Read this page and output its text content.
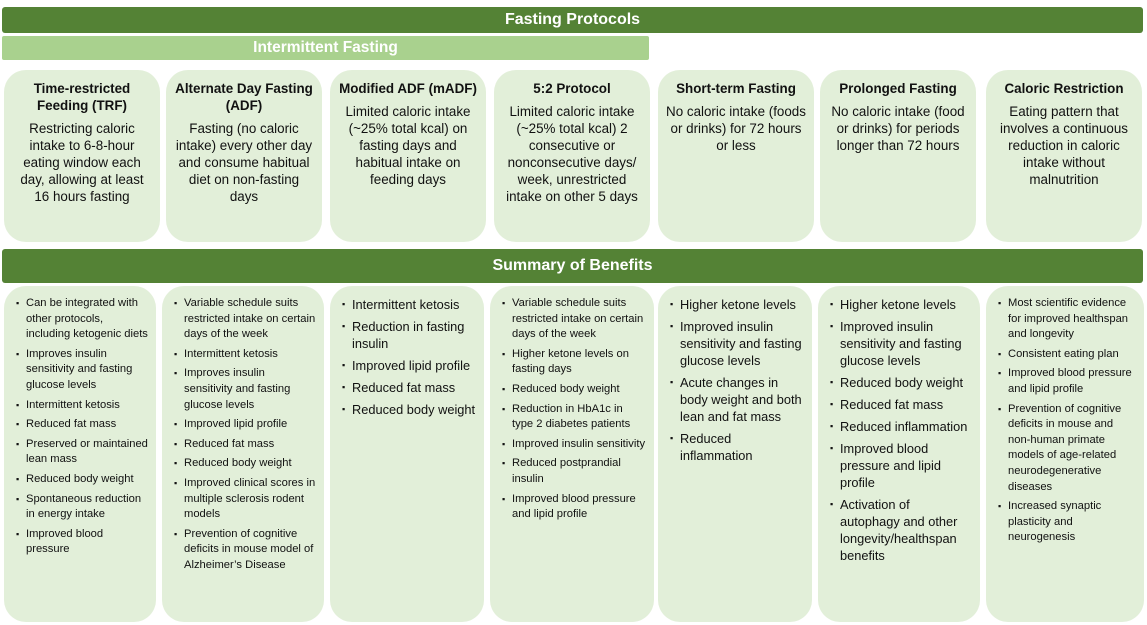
Fasting Protocols
Intermittent Fasting
Time-restricted Feeding (TRF)
Restricting caloric intake to 6-8-hour eating window each day, allowing at least 16 hours fasting
Alternate Day Fasting (ADF)
Fasting (no caloric intake) every other day and consume habitual diet on non-fasting days
Modified ADF (mADF)
Limited caloric intake (~25% total kcal) on fasting days and habitual intake on feeding days
5:2 Protocol
Limited caloric intake (~25% total kcal) 2 consecutive or nonconsecutive days/ week, unrestricted intake on other 5 days
Short-term Fasting
No caloric intake (foods or drinks) for 72 hours or less
Prolonged Fasting
No caloric intake (food or drinks) for periods longer than 72 hours
Caloric Restriction
Eating pattern that involves a continuous reduction in caloric intake without malnutrition
Summary of Benefits
▪ Can be integrated with other protocols, including ketogenic diets
▪ Improves insulin sensitivity and fasting glucose levels
▪ Intermittent ketosis
▪ Reduced fat mass
▪ Preserved or maintained lean mass
▪ Reduced body weight
▪ Spontaneous reduction in energy intake
▪ Improved blood pressure
▪ Variable schedule suits restricted intake on certain days of the week
▪ Intermittent ketosis
▪ Improves insulin sensitivity and fasting glucose levels
▪ Improved lipid profile
▪ Reduced fat mass
▪ Reduced body weight
▪ Improved clinical scores in multiple sclerosis rodent models
▪ Prevention of cognitive deficits in mouse model of Alzheimer’s Disease
▪ Intermittent ketosis
▪ Reduction in fasting insulin
▪ Improved lipid profile
▪ Reduced fat mass
▪ Reduced body weight
▪ Variable schedule suits restricted intake on certain days of the week
▪ Higher ketone levels on fasting days
▪ Reduced body weight
▪ Reduction in HbA1c in type 2 diabetes patients
▪ Improved insulin sensitivity
▪ Reduced postprandial insulin
▪ Improved blood pressure and lipid profile
▪ Higher ketone levels
▪ Improved insulin sensitivity and fasting glucose levels
▪ Acute changes in body weight and both lean and fat mass
▪ Reduced inflammation
▪ Higher ketone levels
▪ Improved insulin sensitivity and fasting glucose levels
▪ Reduced body weight
▪ Reduced fat mass
▪ Reduced inflammation
▪ Improved blood pressure and lipid profile
▪ Activation of autophagy and other longevity/healthspan benefits
▪ Most scientific evidence for improved healthspan and longevity
▪ Consistent eating plan
▪ Improved blood pressure and lipid profile
▪ Prevention of cognitive deficits in mouse and non-human primate models of age-related neurodegenerative diseases
▪ Increased synaptic plasticity and neurogenesis
